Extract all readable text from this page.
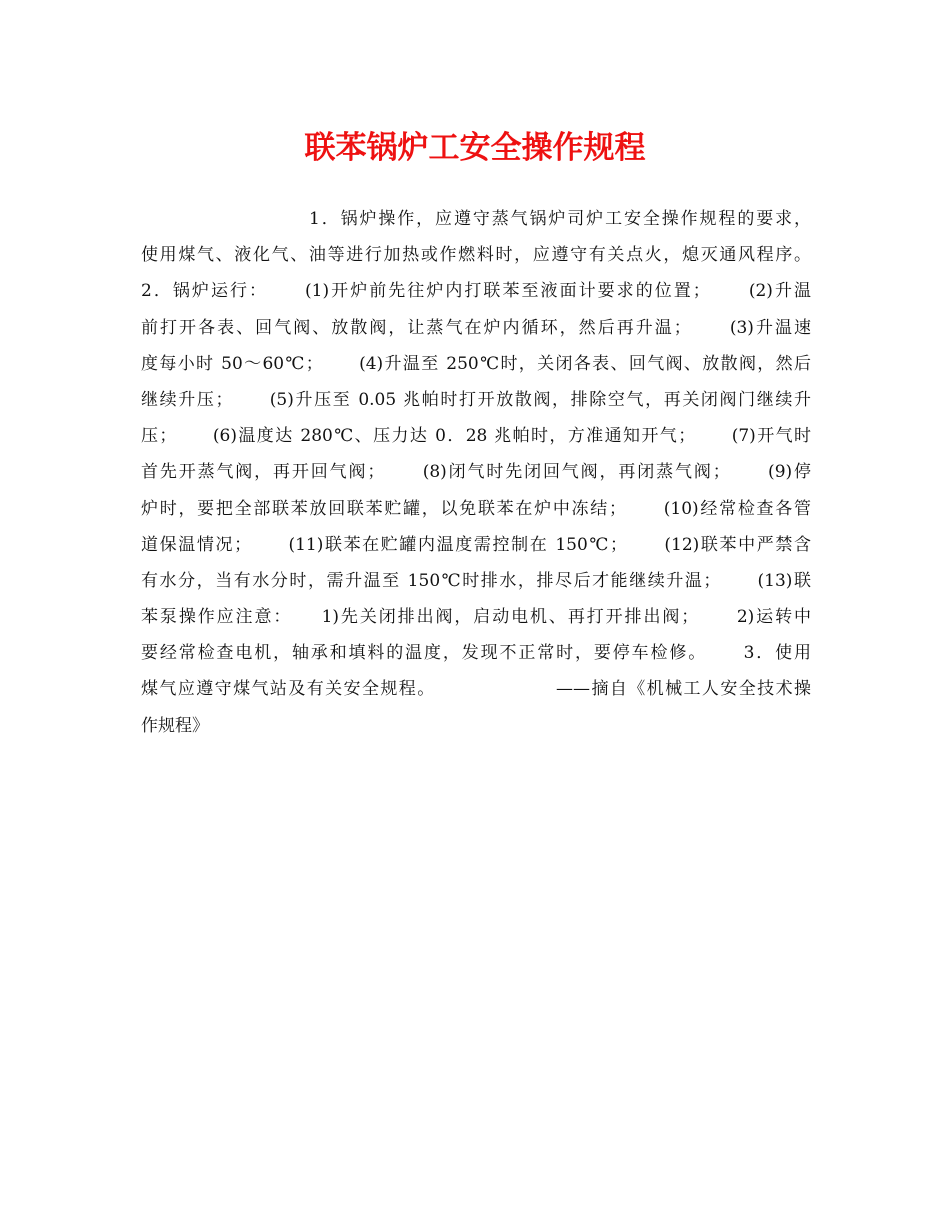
联苯锅炉工安全操作规程
1．锅炉操作，应遵守蒸气锅炉司炉工安全操作规程的要求，
使用煤气、液化气、油等进行加热或作燃料时，应遵守有关点火，熄灭通风程序。
2．锅炉运行：　　 (1)开炉前先往炉内打联苯至液面计要求的位置；　　 (2)升温
前打开各表、回气阀、放散阀，让蒸气在炉内循环，然后再升温；　　 (3)升温速
度每小时 50～60℃；　　 (4)升温至 250℃时，关闭各表、回气阀、放散阀，然后
继续升压；　　 (5)升压至 0.05 兆帕时打开放散阀，排除空气，再关闭阀门继续升
压；　　 (6)温度达 280℃、压力达 0．28 兆帕时，方准通知开气；　　 (7)开气时
首先开蒸气阀，再开回气阀；　　 (8)闭气时先闭回气阀，再闭蒸气阀；　　 (9)停
炉时，要把全部联苯放回联苯贮罐，以免联苯在炉中冻结；　　 (10)经常检查各管
道保温情况；　　 (11)联苯在贮罐内温度需控制在 150℃；　　 (12)联苯中严禁含
有水分，当有水分时，需升温至 150℃时排水，排尽后才能继续升温；　　 (13)联
苯泵操作应注意：　　1)先关闭排出阀，启动电机、再打开排出阀；　　 2)运转中
要经常检查电机，轴承和填料的温度，发现不正常时，要停车检修。　　 3．使用
煤气应遵守煤气站及有关安全规程。　　　　　　　——摘自《机械工人安全技术操
作规程》
